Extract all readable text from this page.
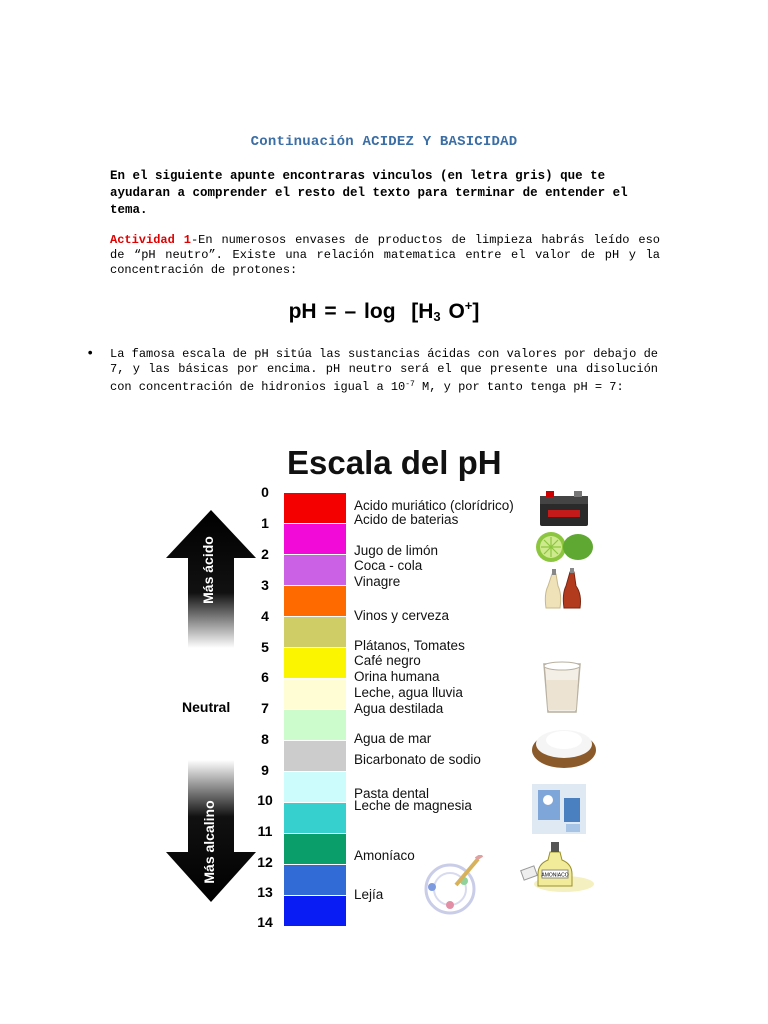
Continuación ACIDEZ Y BASICIDAD
En el siguiente apunte encontraras vinculos (en letra gris) que te ayudaran a comprender el resto del texto para terminar de entender el tema.
Actividad 1-En numerosos envases de productos de limpieza habrás leído eso de “pH neutro”. Existe una relación matematica entre el valor de pH y la concentración de protones:
pH = – $\log [H_3$ O+]
• La famosa escala de pH sitúa las sustancias ácidas con valores por debajo de 7, y las básicas por encima. pH neutro será el que presente una disolución con concentración de hidronios igual a $10^{-7}$ M, y por tanto tenga pH = 7:
Escala del pH
Más ácido
Más alcalino
Neutral
0
1
2
3
4
5
6
7
8
9
10
11
12
13
14
Acido muriático (clorídrico)
Acido de baterias
Jugo de limón
Coca - cola
Vinagre
Vinos y cerveza
Plátanos, Tomates
Café negro
Orina humana
Leche, agua lluvia
Agua destilada
Agua de mar
Bicarbonato de sodio
Pasta dental
Leche de magnesia
Amoníaco
Lejía
AMONIACO
